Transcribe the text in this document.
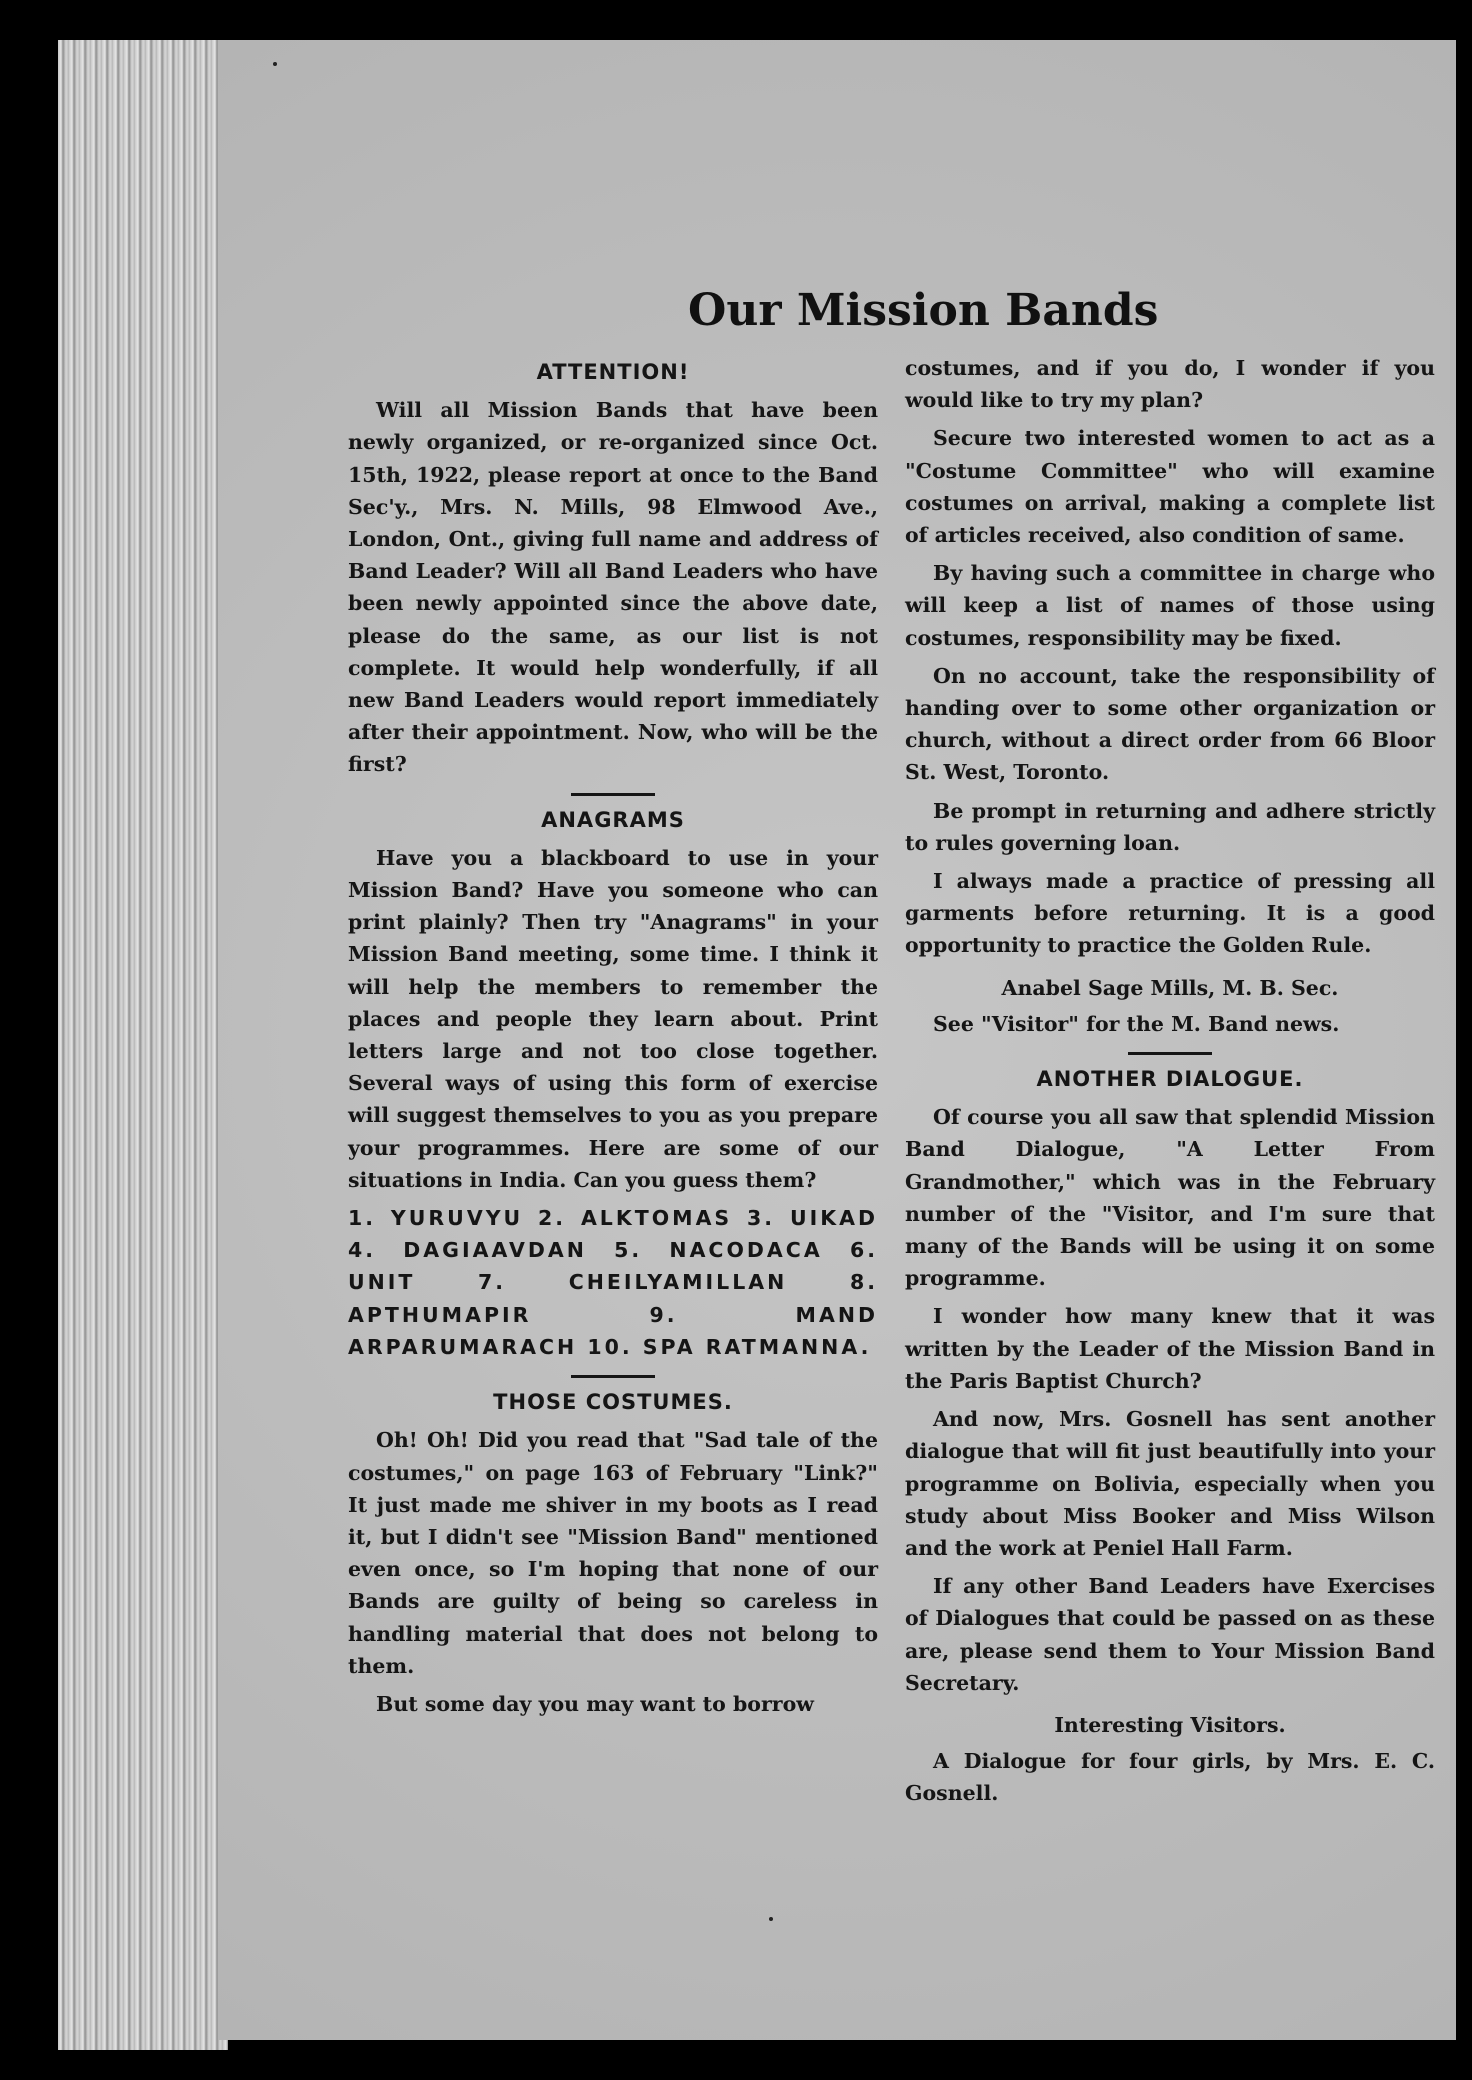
Our Mission Bands
ATTENTION!

Will all Mission Bands that have been newly organized, or re-organized since Oct. 15th, 1922, please report at once to the Band Sec'y., Mrs. N. Mills, 98 Elmwood Ave., London, Ont., giving full name and address of Band Leader? Will all Band Leaders who have been newly appointed since the above date, please do the same, as our list is not complete. It would help wonderfully, if all new Band Leaders would report immediately after their appointment. Now, who will be the first?

ANAGRAMS

Have you a blackboard to use in your Mission Band? Have you someone who can print plainly? Then try "Anagrams" in your Mission Band meeting, some time. I think it will help the members to remember the places and people they learn about. Print letters large and not too close together. Several ways of using this form of exercise will suggest themselves to you as you prepare your programmes. Here are some of our situations in India. Can you guess them?

1. YURUVYU 2. ALKTOMAS 3. UIKAD 4. DAGIAAVDAN 5. NACODACA 6. UNIT 7. CHEILYAMILLAN 8. APTHUMAPIR 9. MAND ARPARUMARACH 10. SPA RATMANNA.
THOSE COSTUMES.

Oh! Oh! Did you read that "Sad tale of the costumes," on page 163 of February "Link?" It just made me shiver in my boots as I read it, but I didn't see "Mission Band" mentioned even once, so I'm hoping that none of our Bands are guilty of being so careless in handling material that does not belong to them.

But some day you may want to borrow

costumes, and if you do, I wonder if you would like to try my plan?

Secure two interested women to act as a "Costume Committee" who will examine costumes on arrival, making a complete list of articles received, also condition of same.

By having such a committee in charge who will keep a list of names of those using costumes, responsibility may be fixed.

On no account, take the responsibility of handing over to some other organization or church, without a direct order from 66 Bloor St. West, Toronto.

Be prompt in returning and adhere strictly to rules governing loan.

I always made a practice of pressing all garments before returning. It is a good opportunity to practice the Golden Rule.

Anabel Sage Mills, M. B. Sec.

See "Visitor" for the M. Band news.

ANOTHER DIALOGUE.

Of course you all saw that splendid Mission Band Dialogue, "A Letter From Grandmother," which was in the February number of the "Visitor, and I'm sure that many of the Bands will be using it on some programme.

I wonder how many knew that it was written by the Leader of the Mission Band in the Paris Baptist Church?

And now, Mrs. Gosnell has sent another dialogue that will fit just beautifully into your programme on Bolivia, especially when you study about Miss Booker and Miss Wilson and the work at Peniel Hall Farm.

If any other Band Leaders have Exercises of Dialogues that could be passed on as these are, please send them to Your Mission Band Secretary.

Interesting Visitors.

A Dialogue for four girls, by Mrs. E. C. Gosnell.
